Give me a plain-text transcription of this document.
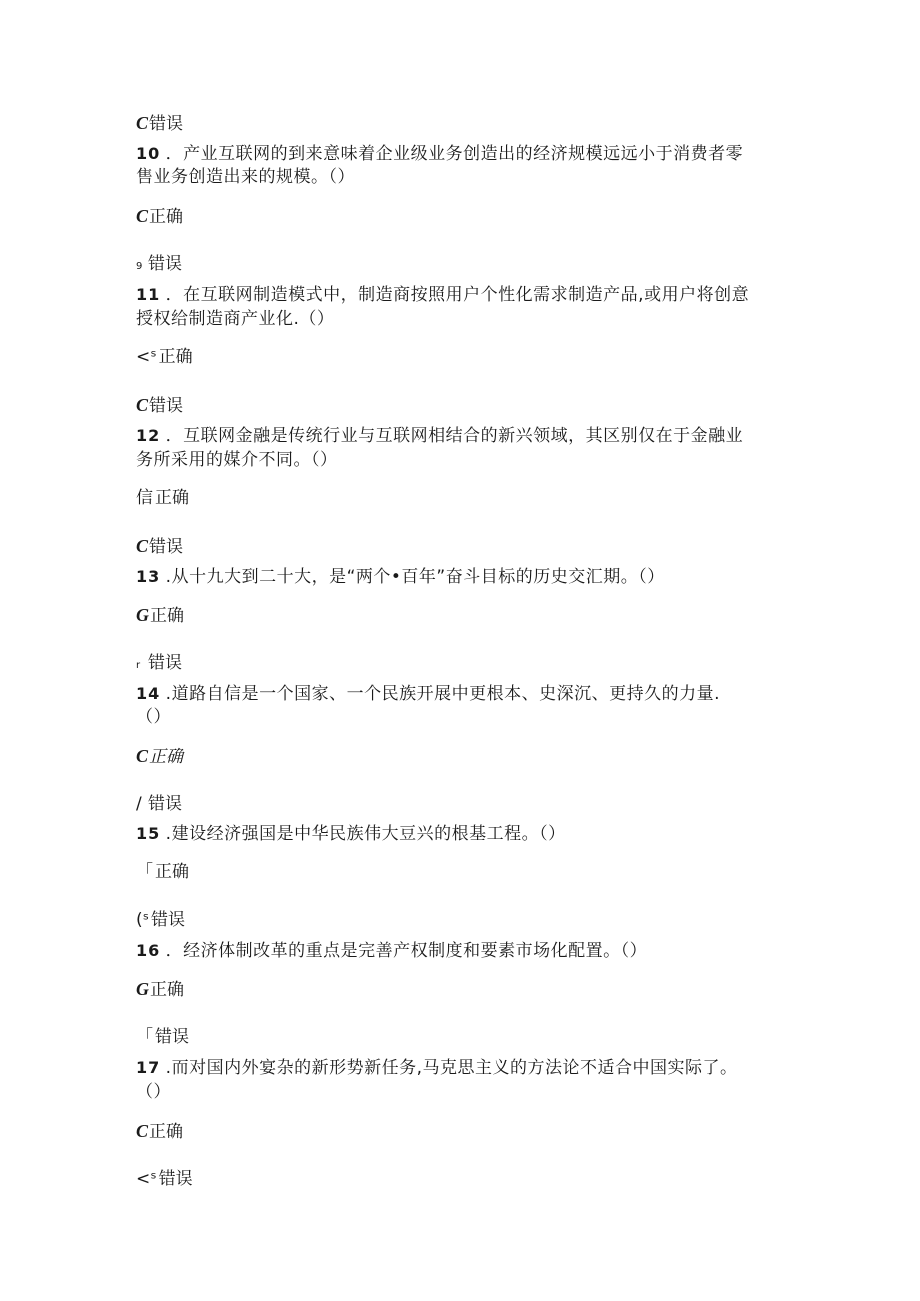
C 错误
10 ．产业互联网的到来意味着企业级业务创造出的经济规模远远小于消费者零
售业务创造出来的规模。（）
C 正确
9 错误
11 ．在互联网制造模式中，制造商按照用户个性化需求制造产品,或用户将创意
授权给制造商产业化.（）
<ˢ 正确
C 错误
12 ．互联网金融是传统行业与互联网相结合的新兴领域，其区别仅在于金融业
务所采用的媒介不同。（）
信 正确
C 错误
13 .从十九大到二十大，是“两个•百年”奋斗目标的历史交汇期。（）
G 正确
r 错误
14 .道路自信是一个国家、一个民族开展中更根本、史深沉、更持久的力量.
（）
C 正确
/ 错误
15 .建设经济强国是中华民族伟大豆兴的根基工程。（）
「 正确
(ˢ 错误
16 ．经济体制改革的重点是完善产权制度和要素市场化配置。（）
G 正确
「 错误
17 .而对国内外宴杂的新形势新任务,马克思主义的方法论不适合中国实际了。
（）
C 正确
<ˢ 错误
